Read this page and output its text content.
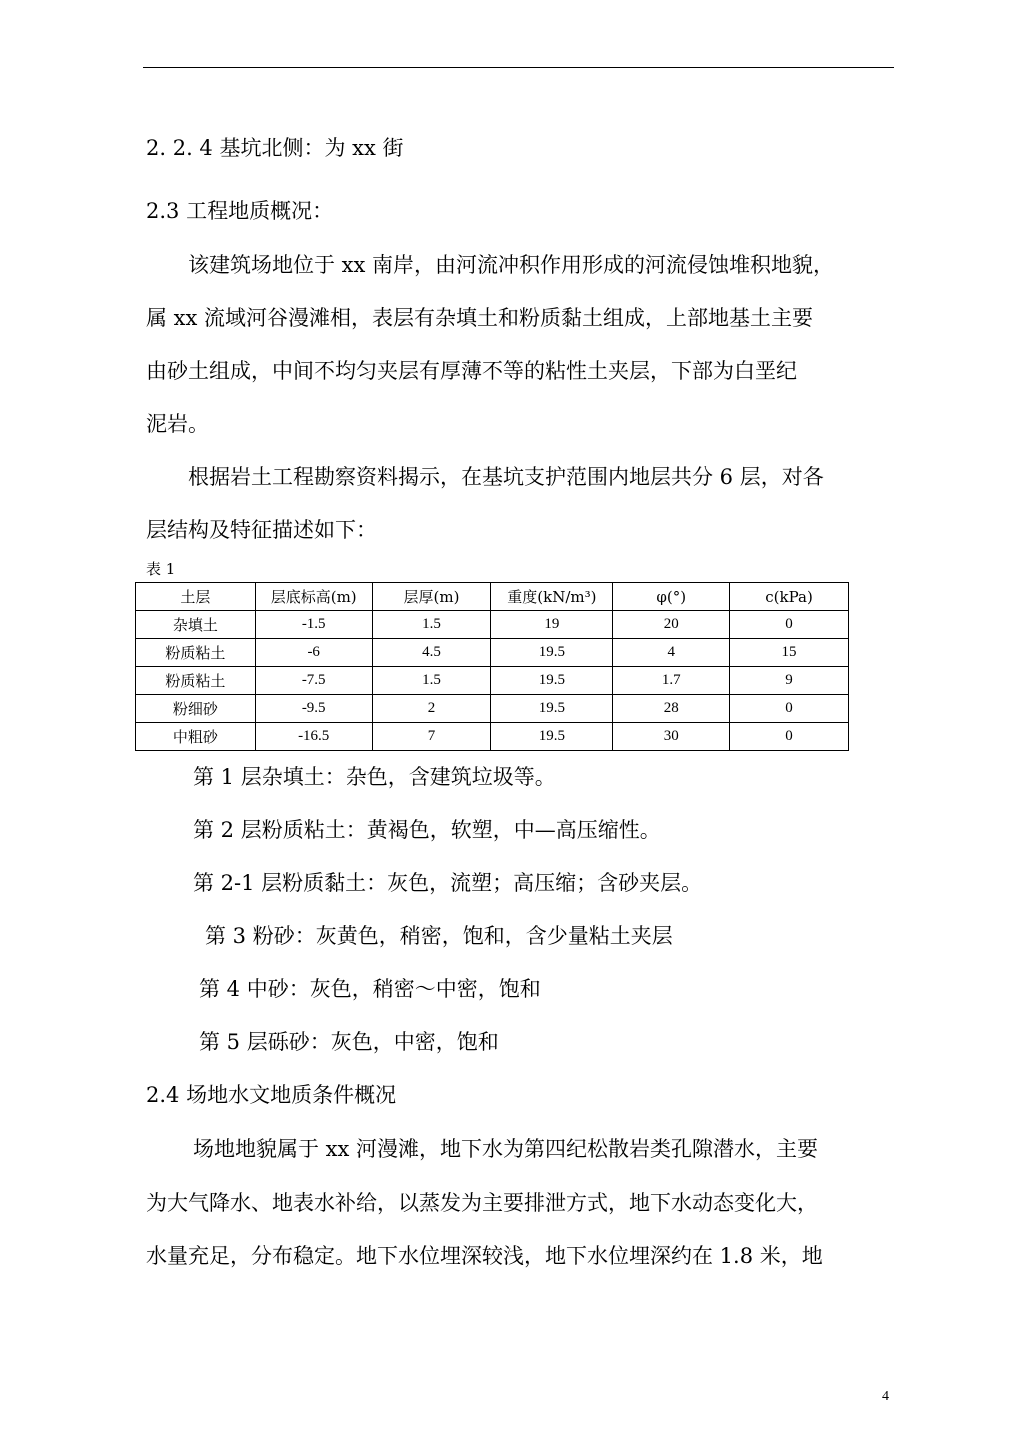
2. 2. 4 基坑北侧：为 xx 街
2.3 工程地质概况：
该建筑场地位于 xx 南岸，由河流冲积作用形成的河流侵蚀堆积地貌，
属 xx 流域河谷漫滩相，表层有杂填土和粉质黏土组成，上部地基土主要
由砂土组成，中间不均匀夹层有厚薄不等的粘性土夹层，下部为白垩纪
泥岩。
根据岩土工程勘察资料揭示，在基坑支护范围内地层共分 6 层，对各
层结构及特征描述如下：
表 1
土层	层底标高(m)	层厚(m)	重度(kN/m³)	φ(°)	c(kPa)
杂填土	-1.5	1.5	19	20	0
粉质粘土	-6	4.5	19.5	4	15
粉质粘土	-7.5	1.5	19.5	1.7	9
粉细砂	-9.5	2	19.5	28	0
中粗砂	-16.5	7	19.5	30	0
第 1 层杂填土：杂色，含建筑垃圾等。
第 2 层粉质粘土：黄褐色，软塑，中—高压缩性。
第 2-1 层粉质黏土：灰色，流塑；高压缩；含砂夹层。
第 3 粉砂：灰黄色，稍密，饱和，含少量粘土夹层
第 4 中砂：灰色，稍密～中密，饱和
第 5 层砾砂：灰色，中密，饱和
2.4 场地水文地质条件概况
场地地貌属于 xx 河漫滩，地下水为第四纪松散岩类孔隙潜水，主要
为大气降水、地表水补给，以蒸发为主要排泄方式，地下水动态变化大，
水量充足，分布稳定。地下水位埋深较浅，地下水位埋深约在 1.8 米，地
4
